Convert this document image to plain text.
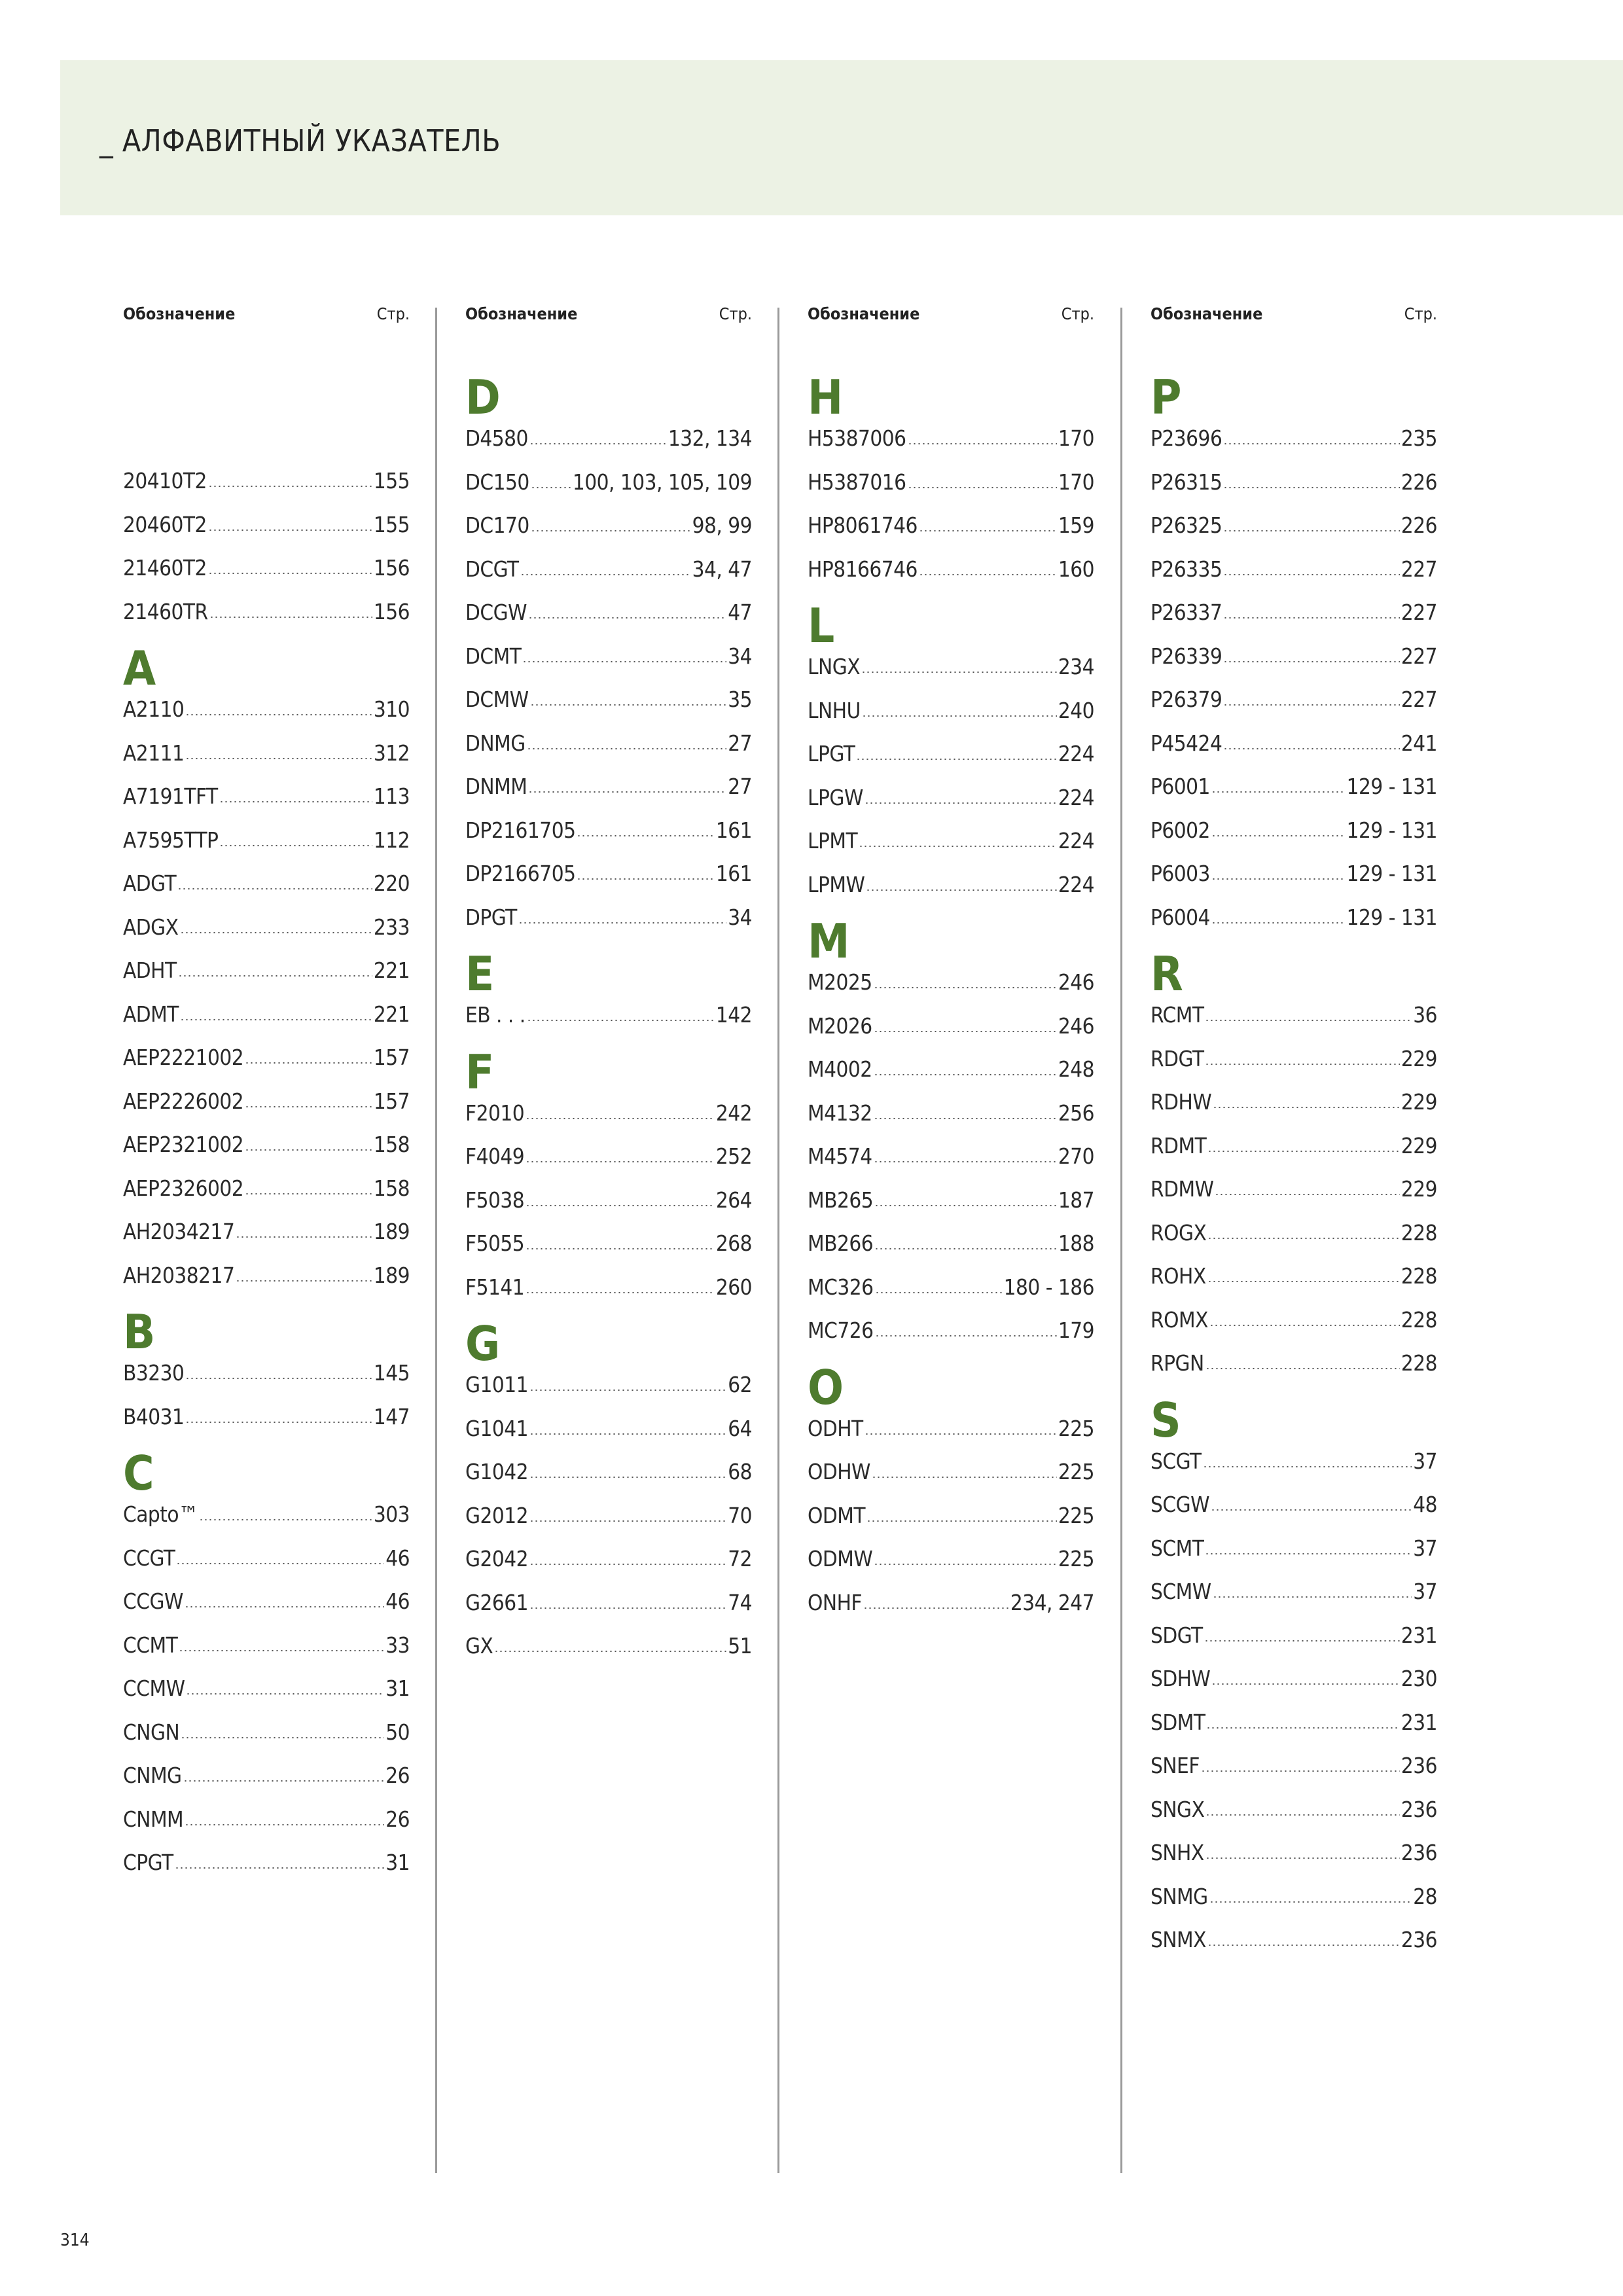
_ АЛФАВИТНЫЙ УКАЗАТЕЛЬ
Обозначение	Стр.
20410T2	155
20460T2	155
21460T2	156
21460TR	156
A
A2110	310
A2111	312
A7191TFT	113
A7595TTP	112
ADGT	220
ADGX	233
ADHT	221
ADMT	221
AEP2221002	157
AEP2226002	157
AEP2321002	158
AEP2326002	158
AH2034217	189
AH2038217	189
B
B3230	145
B4031	147
C
Capto™	303
CCGT	46
CCGW	46
CCMT	33
CCMW	31
CNGN	50
CNMG	26
CNMM	26
CPGT	31
Обозначение	Стр.
D
D4580	132, 134
DC150 100, 103, 105, 109
DC170	98, 99
DCGT	34, 47
DCGW	47
DCMT	34
DCMW	35
DNMG	27
DNMM	27
DP2161705	161
DP2166705	161
DPGT	34
E
EB . . .	142
F
F2010	242
F4049	252
F5038	264
F5055	268
F5141	260
G
G1011	62
G1041	64
G1042	68
G2012	70
G2042	72
G2661	74
GX	51
Обозначение	Стр.
H
H5387006	170
H5387016	170
HP8061746	159
HP8166746	160
L
LNGX	234
LNHU	240
LPGT	224
LPGW	224
LPMT	224
LPMW	224
M
M2025	246
M2026	246
M4002	248
M4132	256
M4574	270
MB265	187
MB266	188
MC326	180 - 186
MC726	179
O
ODHT	225
ODHW	225
ODMT	225
ODMW	225
ONHF	234, 247
Обозначение	Стр.
P
P23696	235
P26315	226
P26325	226
P26335	227
P26337	227
P26339	227
P26379	227
P45424	241
P6001	129 - 131
P6002	129 - 131
P6003	129 - 131
P6004	129 - 131
R
RCMT	36
RDGT	229
RDHW	229
RDMT	229
RDMW	229
ROGX	228
ROHX	228
ROMX	228
RPGN	228
S
SCGT	37
SCGW	48
SCMT	37
SCMW	37
SDGT	231
SDHW	230
SDMT	231
SNEF	236
SNGX	236
SNHX	236
SNMG	28
SNMX	236
314
